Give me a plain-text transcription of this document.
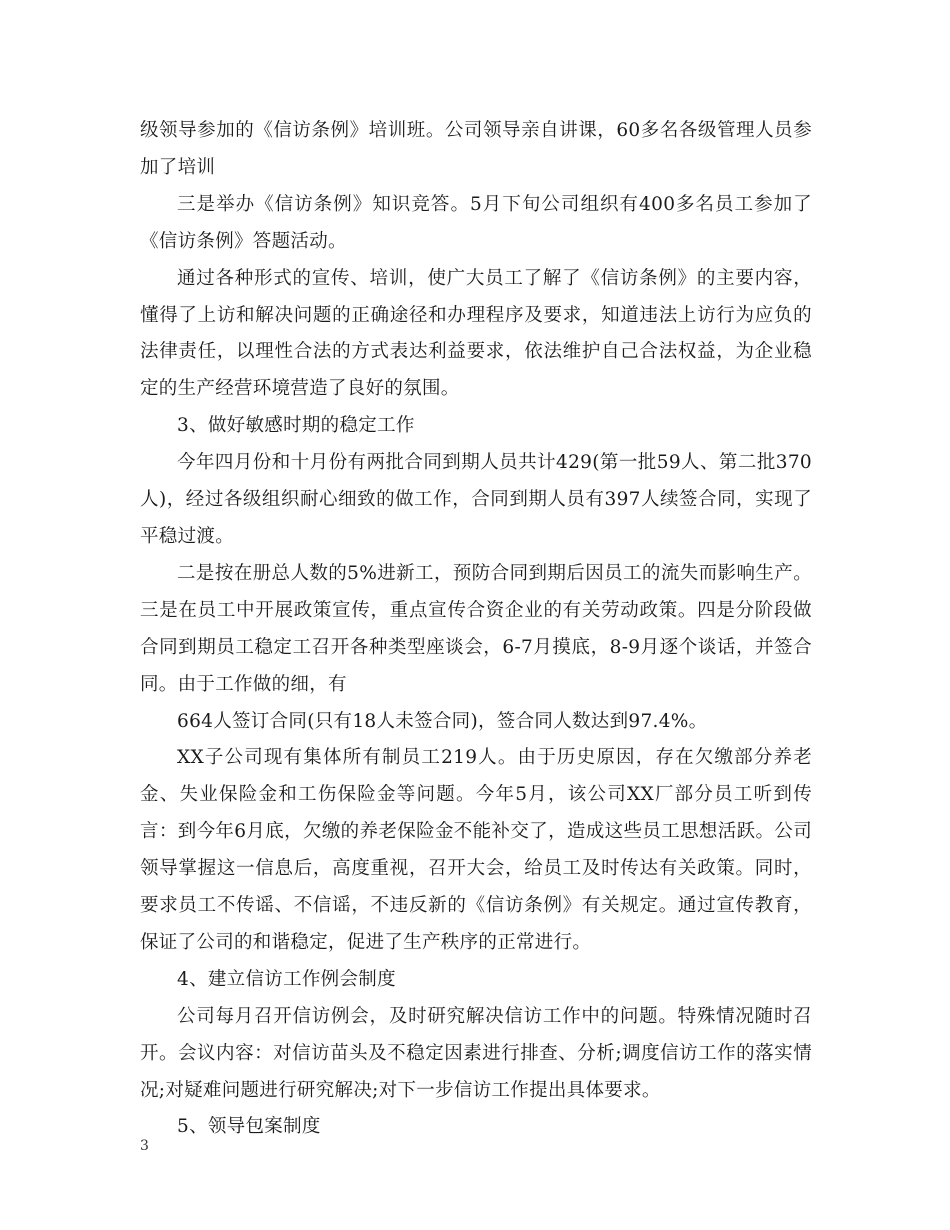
级领导参加的《信访条例》培训班。公司领导亲自讲课，60多名各级管理人员参加了培训

三是举办《信访条例》知识竞答。5月下旬公司组织有400多名员工参加了《信访条例》答题活动。

通过各种形式的宣传、培训，使广大员工了解了《信访条例》的主要内容，懂得了上访和解决问题的正确途径和办理程序及要求，知道违法上访行为应负的法律责任，以理性合法的方式表达利益要求，依法维护自己合法权益，为企业稳定的生产经营环境营造了良好的氛围。

3、做好敏感时期的稳定工作

今年四月份和十月份有两批合同到期人员共计429(第一批59人、第二批370人)，经过各级组织耐心细致的做工作，合同到期人员有397人续签合同，实现了平稳过渡。

二是按在册总人数的5%进新工，预防合同到期后因员工的流失而影响生产。三是在员工中开展政策宣传，重点宣传合资企业的有关劳动政策。四是分阶段做合同到期员工稳定工召开各种类型座谈会，6-7月摸底，8-9月逐个谈话，并签合同。由于工作做的细，有

664人签订合同(只有18人未签合同)，签合同人数达到97.4%。

XX子公司现有集体所有制员工219人。由于历史原因，存在欠缴部分养老金、失业保险金和工伤保险金等问题。今年5月，该公司XX厂部分员工听到传言：到今年6月底，欠缴的养老保险金不能补交了，造成这些员工思想活跃。公司领导掌握这一信息后，高度重视，召开大会，给员工及时传达有关政策。同时，要求员工不传谣、不信谣，不违反新的《信访条例》有关规定。通过宣传教育，保证了公司的和谐稳定，促进了生产秩序的正常进行。

4、建立信访工作例会制度

公司每月召开信访例会，及时研究解决信访工作中的问题。特殊情况随时召开。会议内容：对信访苗头及不稳定因素进行排查、分析;调度信访工作的落实情况;对疑难问题进行研究解决;对下一步信访工作提出具体要求。

5、领导包案制度

3
